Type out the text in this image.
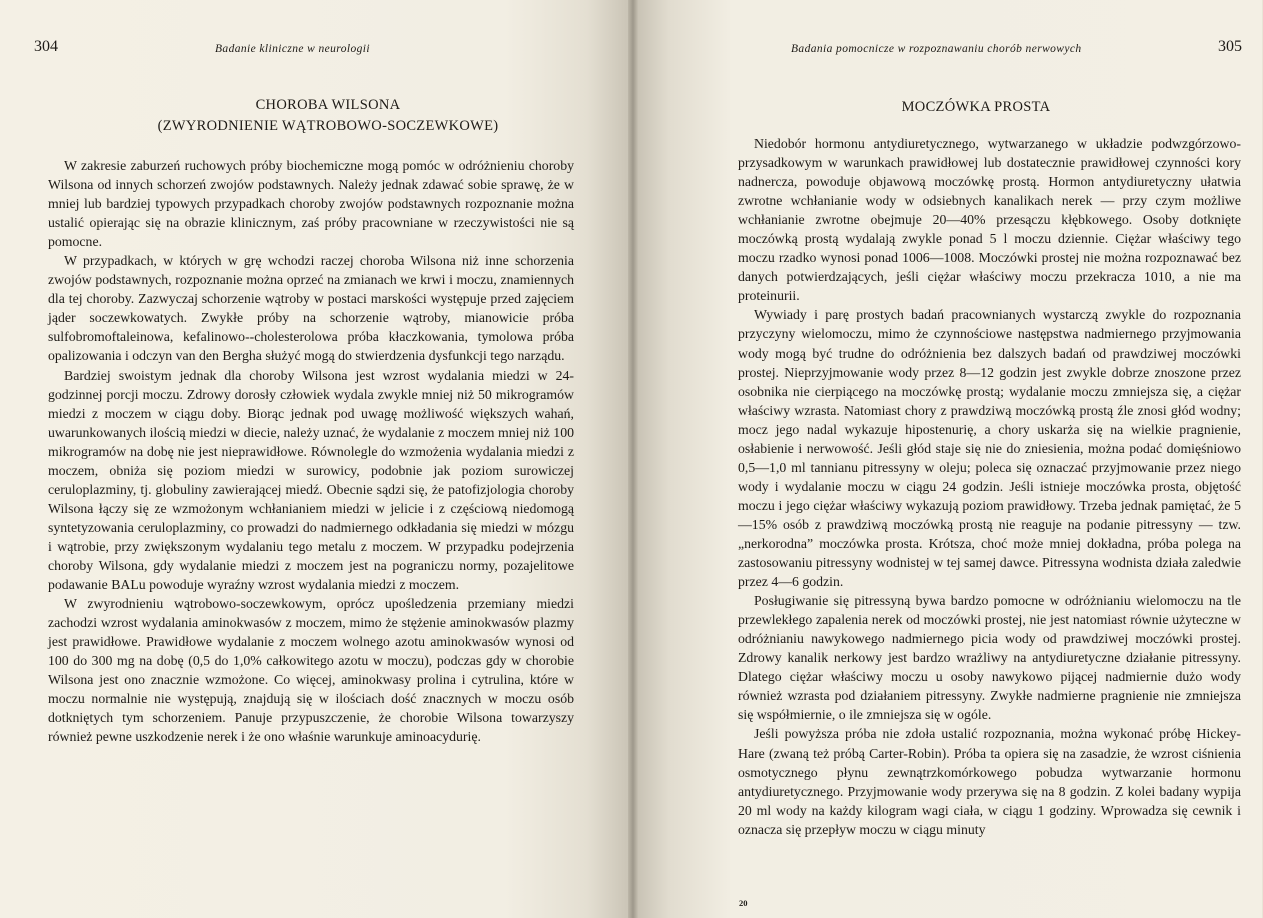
304	Badanie kliniczne w neurologii
CHOROBA WILSONA
(ZWYRODNIENIE WĄTROBOWO-SOCZEWKOWE)

W zakresie zaburzeń ruchowych próby biochemiczne mogą pomóc w odróżnieniu choroby Wilsona od innych schorzeń zwojów podstawnych. Należy jednak zdawać sobie sprawę, że w mniej lub bardziej typowych przypadkach choroby zwojów podstawnych rozpoznanie można ustalić opierając się na obrazie klinicznym, zaś próby pracowniane w rzeczywistości nie są pomocne.

W przypadkach, w których w grę wchodzi raczej choroba Wilsona niż inne schorzenia zwojów podstawnych, rozpoznanie można oprzeć na zmianach we krwi i moczu, znamiennych dla tej choroby. Zazwyczaj schorzenie wątroby w postaci marskości występuje przed zajęciem jąder soczewkowatych. Zwykłe próby na schorzenie wątroby, mianowicie próba sulfobromoftaleinowa, kefalinowo--cholesterolowa próba kłaczkowania, tymolowa próba opalizowania i odczyn van den Bergha służyć mogą do stwierdzenia dysfunkcji tego narządu.

Bardziej swoistym jednak dla choroby Wilsona jest wzrost wydalania miedzi w 24-godzinnej porcji moczu. Zdrowy dorosły człowiek wydala zwykle mniej niż 50 mikrogramów miedzi z moczem w ciągu doby. Biorąc jednak pod uwagę możliwość większych wahań, uwarunkowanych ilością miedzi w diecie, należy uznać, że wydalanie z moczem mniej niż 100 mikrogramów na dobę nie jest nieprawidłowe. Równolegle do wzmożenia wydalania miedzi z moczem, obniża się poziom miedzi w surowicy, podobnie jak poziom surowiczej ceruloplazminy, tj. globuliny zawierającej miedź. Obecnie sądzi się, że patofizjologia choroby Wilsona łączy się ze wzmożonym wchłanianiem miedzi w jelicie i z częściową niedomogą syntetyzowania ceruloplazminy, co prowadzi do nadmiernego odkładania się miedzi w mózgu i wątrobie, przy zwiększonym wydalaniu tego metalu z moczem. W przypadku podejrzenia choroby Wilsona, gdy wydalanie miedzi z moczem jest na pograniczu normy, pozajelitowe podawanie BALu powoduje wyraźny wzrost wydalania miedzi z moczem.

W zwyrodnieniu wątrobowo-soczewkowym, oprócz upośledzenia przemiany miedzi zachodzi wzrost wydalania aminokwasów z moczem, mimo że stężenie aminokwasów plazmy jest prawidłowe. Prawidłowe wydalanie z moczem wolnego azotu aminokwasów wynosi od 100 do 300 mg na dobę (0,5 do 1,0% całkowitego azotu w moczu), podczas gdy w chorobie Wilsona jest ono znacznie wzmożone. Co więcej, aminokwasy prolina i cytrulina, które w moczu normalnie nie występują, znajdują się w ilościach dość znacznych w moczu osób dotkniętych tym schorzeniem. Panuje przypuszczenie, że chorobie Wilsona towarzyszy również pewne uszkodzenie nerek i że ono właśnie warunkuje aminoacydurię.

Badania pomocnicze w rozpoznawaniu chorób nerwowych	305
MOCZÓWKA PROSTA

Niedobór hormonu antydiuretycznego, wytwarzanego w układzie podwzgórzowo-przysadkowym w warunkach prawidłowej lub dostatecznie prawidłowej czynności kory nadnercza, powoduje objawową moczówkę prostą. Hormon antydiuretyczny ułatwia zwrotne wchłanianie wody w odsiebnych kanalikach nerek — przy czym możliwe wchłanianie zwrotne obejmuje 20—40% przesączu kłębkowego. Osoby dotknięte moczówką prostą wydalają zwykle ponad 5 l moczu dziennie. Ciężar właściwy tego moczu rzadko wynosi ponad 1006—1008. Moczówki prostej nie można rozpoznawać bez danych potwierdzających, jeśli ciężar właściwy moczu przekracza 1010, a nie ma proteinurii.

Wywiady i parę prostych badań pracownianych wystarczą zwykle do rozpoznania przyczyny wielomoczu, mimo że czynnościowe następstwa nadmiernego przyjmowania wody mogą być trudne do odróżnienia bez dalszych badań od prawdziwej moczówki prostej. Nieprzyjmowanie wody przez 8—12 godzin jest zwykle dobrze znoszone przez osobnika nie cierpiącego na moczówkę prostą; wydalanie moczu zmniejsza się, a ciężar właściwy wzrasta. Natomiast chory z prawdziwą moczówką prostą źle znosi głód wodny; mocz jego nadal wykazuje hipostenurię, a chory uskarża się na wielkie pragnienie, osłabienie i nerwowość. Jeśli głód staje się nie do zniesienia, można podać domięśniowo 0,5—1,0 ml tannianu pitressyny w oleju; poleca się oznaczać przyjmowanie przez niego wody i wydalanie moczu w ciągu 24 godzin. Jeśli istnieje moczówka prosta, objętość moczu i jego ciężar właściwy wykazują poziom prawidłowy. Trzeba jednak pamiętać, że 5—15% osób z prawdziwą moczówką prostą nie reaguje na podanie pitressyny — tzw. „nerkorodna” moczówka prosta. Krótsza, choć może mniej dokładna, próba polega na zastosowaniu pitressyny wodnistej w tej samej dawce. Pitressyna wodnista działa zaledwie przez 4—6 godzin.

Posługiwanie się pitressyną bywa bardzo pomocne w odróżnianiu wielomoczu na tle przewlekłego zapalenia nerek od moczówki prostej, nie jest natomiast równie użyteczne w odróżnianiu nawykowego nadmiernego picia wody od prawdziwej moczówki prostej. Zdrowy kanalik nerkowy jest bardzo wrażliwy na antydiuretyczne działanie pitressyny. Dlatego ciężar właściwy moczu u osoby nawykowo pijącej nadmiernie dużo wody również wzrasta pod działaniem pitressyny. Zwykłe nadmierne pragnienie nie zmniejsza się współmiernie, o ile zmniejsza się w ogóle.

Jeśli powyższa próba nie zdoła ustalić rozpoznania, można wykonać próbę Hickey-Hare (zwaną też próbą Carter-Robin). Próba ta opiera się na zasadzie, że wzrost ciśnienia osmotycznego płynu zewnątrzkomórkowego pobudza wytwarzanie hormonu antydiuretycznego. Przyjmowanie wody przerywa się na 8 godzin. Z kolei badany wypija 20 ml wody na każdy kilogram wagi ciała, w ciągu 1 godziny. Wprowadza się cewnik i oznacza się przepływ moczu w ciągu minuty

20
